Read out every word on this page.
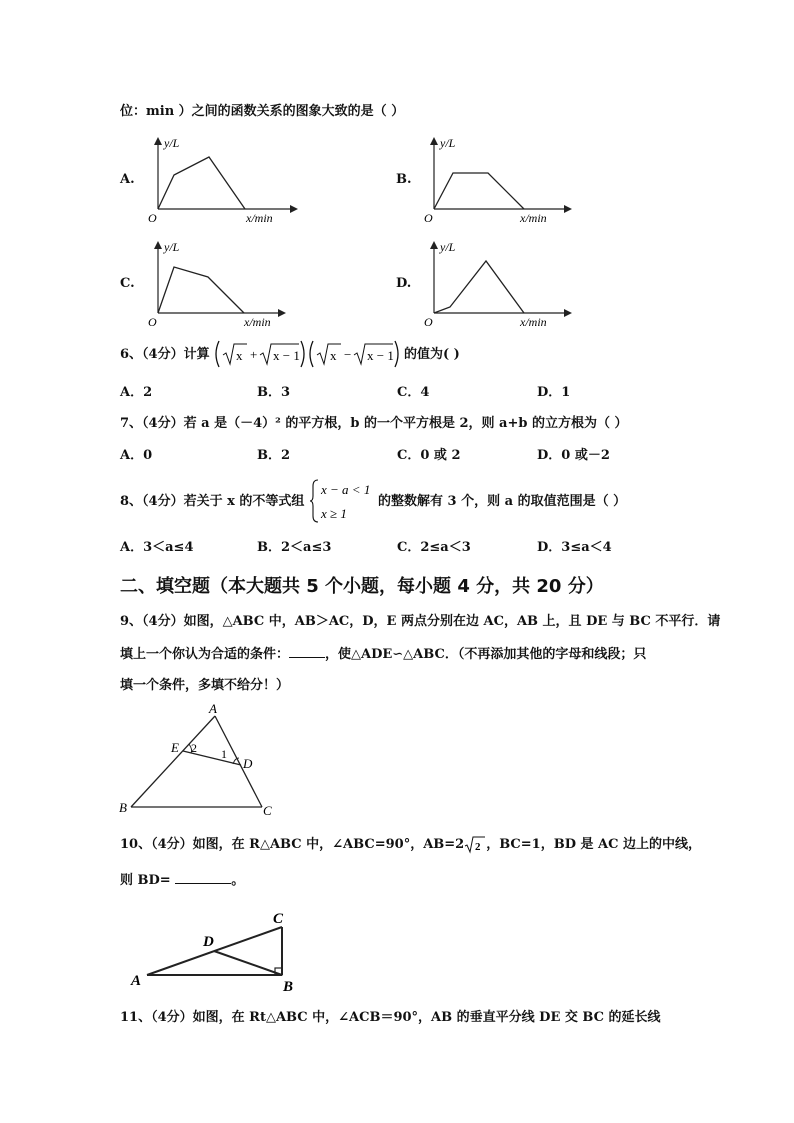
位：min ）之间的函数关系的图象大致的是（ ）
A.
y/L
x/min
O
B.
y/L
x/min
O
C.
y/L
x/min
O
D.
y/L
x/min
O
6、（4分）计算 x + x − 1 x − x − 1 的值为( )
A．2	B．3	C．4	D．1
7、（4分）若 a 是（－4）² 的平方根，b 的一个平方根是 2，则 a+b 的立方根为（ ）
A．0	B．2	C．0 或 2	D．0 或－2
8、（4分）若关于 x 的不等式组
x − a < 1
x ≥ 1
的整数解有 3 个，则 a 的取值范围是（ ）
A．3＜a≤4	B．2＜a≤3	C．2≤a＜3	D．3≤a＜4
二、填空题（本大题共 5 个小题，每小题 4 分，共 20 分）
9、（4分）如图，△ABC 中，AB＞AC，D，E 两点分别在边 AC，AB 上，且 DE 与 BC 不平行．请
填上一个你认为合适的条件：	，使△ADE∽△ABC．（不再添加其他的字母和线段；只
填一个条件，多填不给分！）
A
B	C
D
E	1
2
10、（4分）如图，在 R△ABC 中，∠ABC=90°，AB=2 2 ，BC=1，BD 是 AC 边上的中线，
则 BD=	。
A	B
C
D
11、（4分）如图，在 Rt△ABC 中，∠ACB＝90°，AB 的垂直平分线 DE 交 BC 的延长线
